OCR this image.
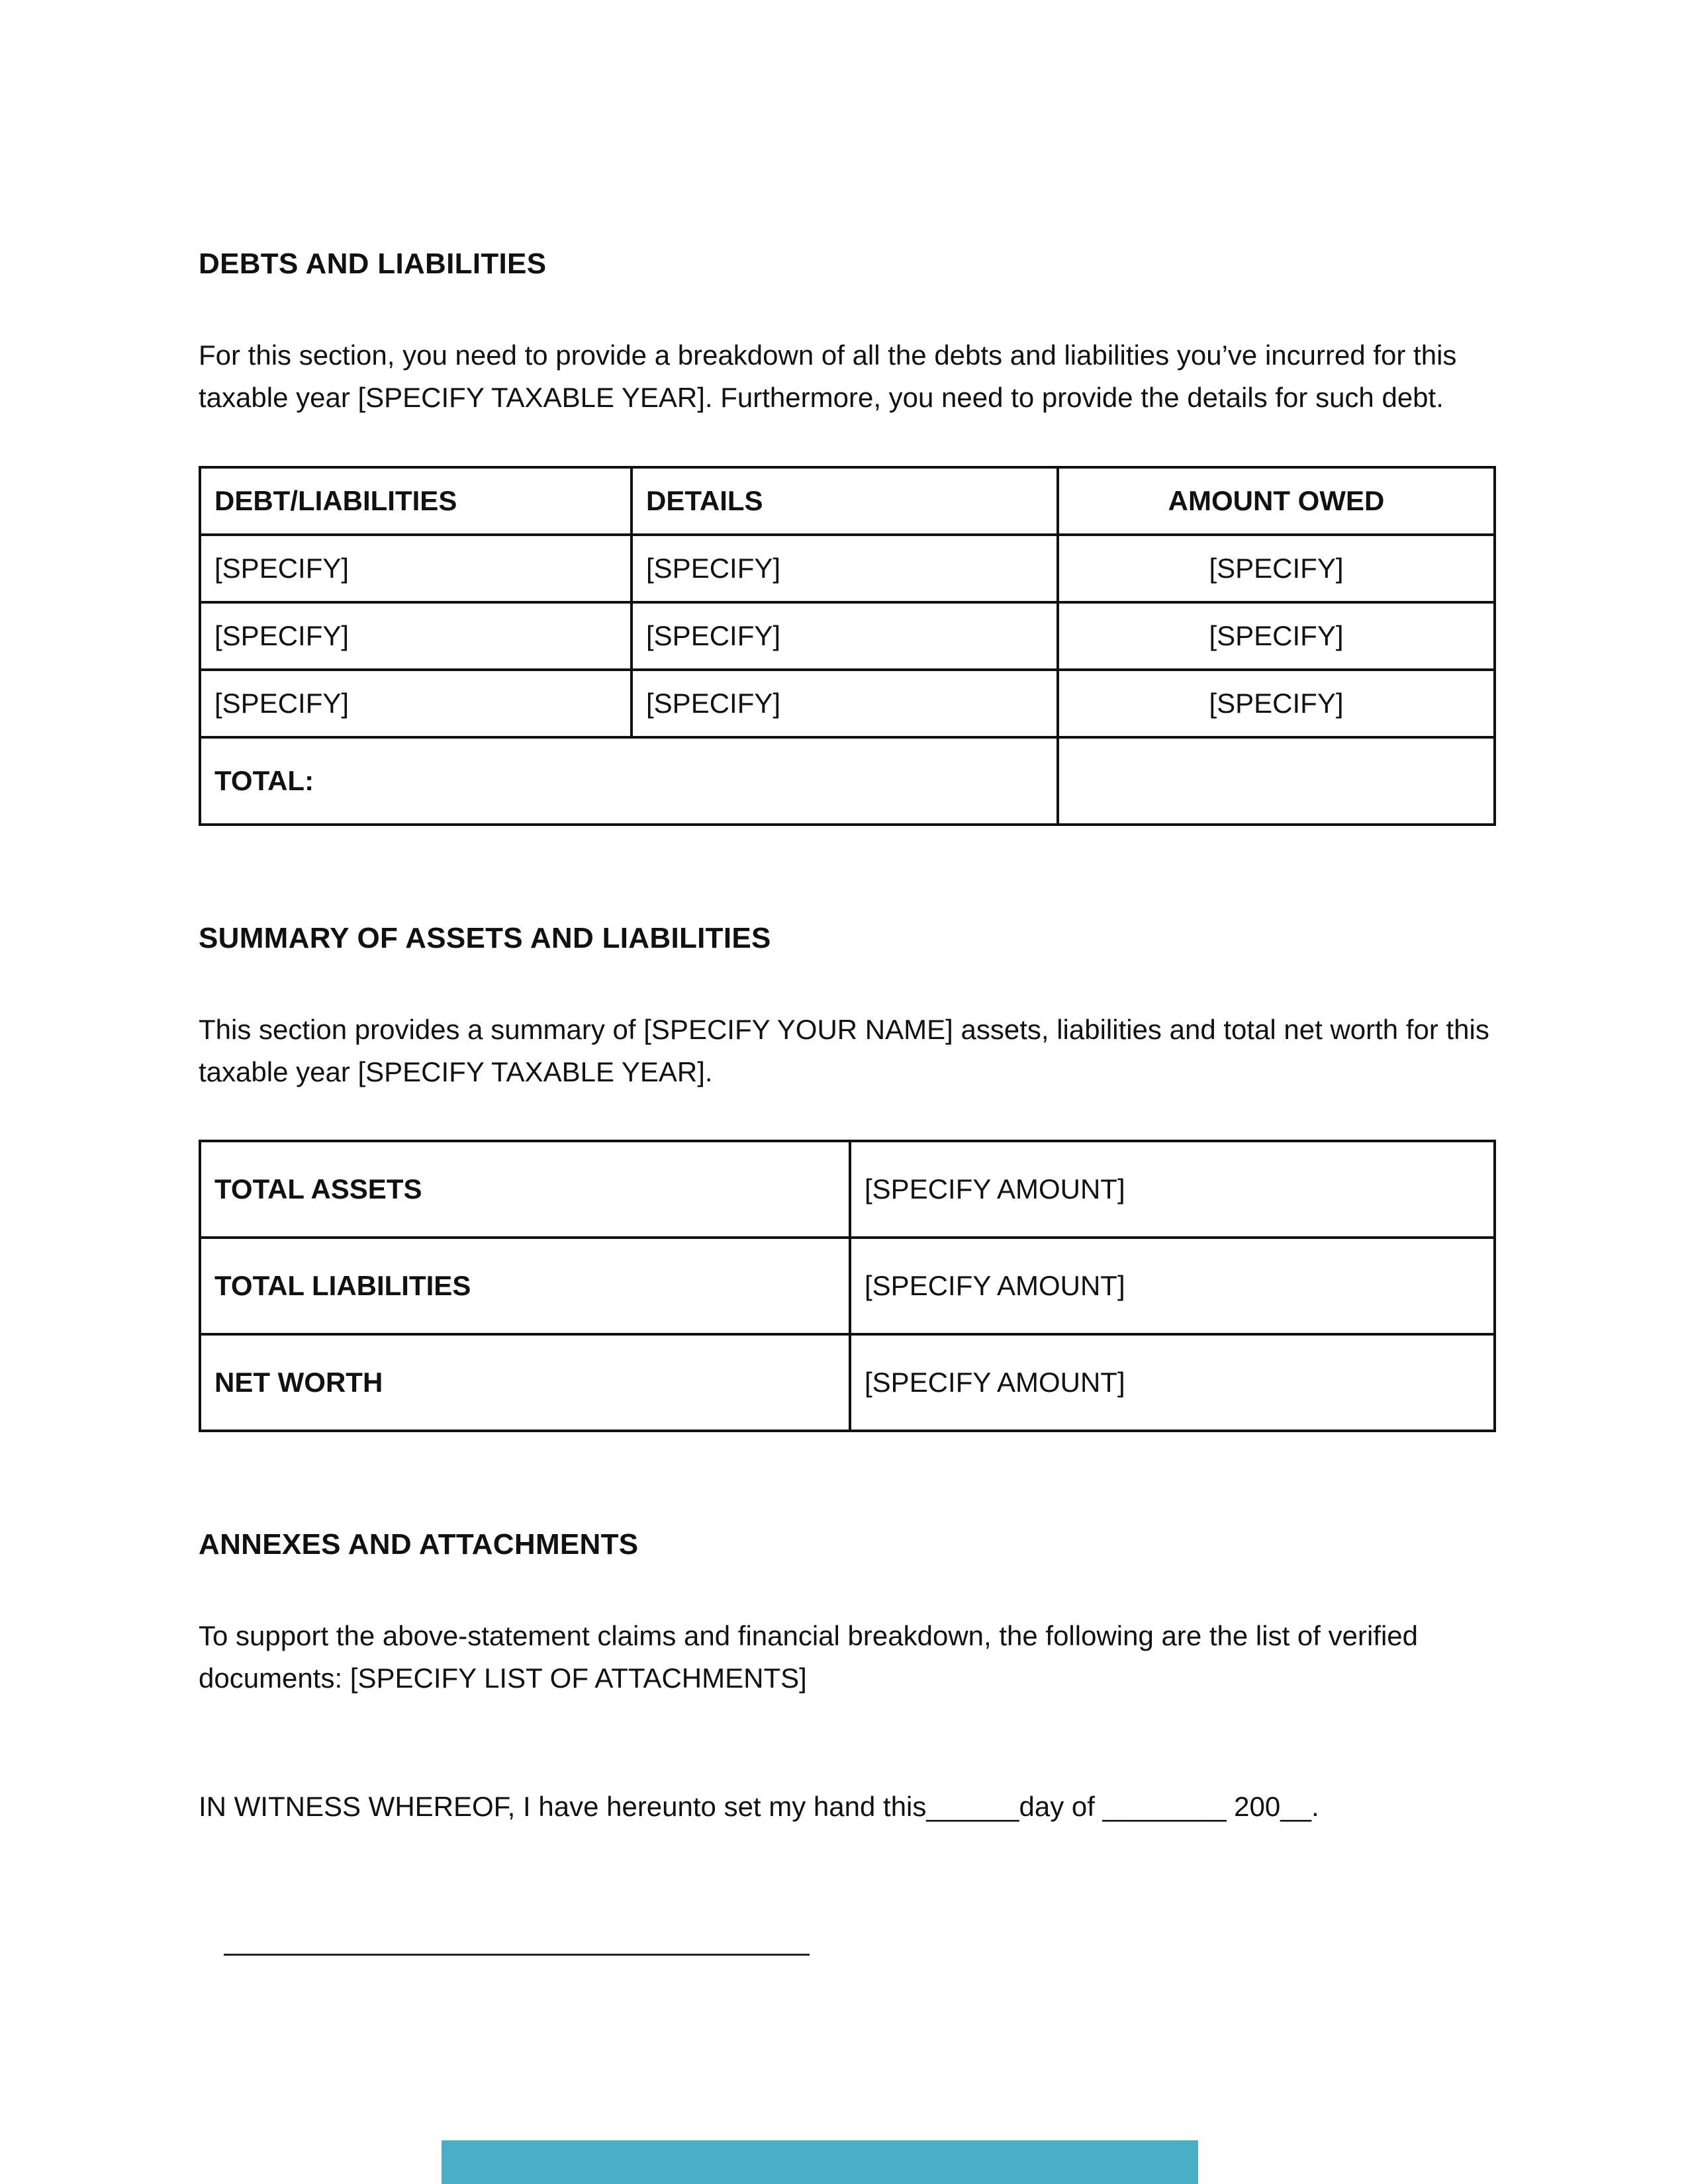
DEBTS AND LIABILITIES
For this section, you need to provide a breakdown of all the debts and liabilities you’ve incurred for this taxable year [SPECIFY TAXABLE YEAR]. Furthermore, you need to provide the details for such debt.
DEBT/LIABILITIES	DETAILS	AMOUNT OWED
[SPECIFY]	[SPECIFY]	[SPECIFY]
[SPECIFY]	[SPECIFY]	[SPECIFY]
[SPECIFY]	[SPECIFY]	[SPECIFY]
TOTAL:		
SUMMARY OF ASSETS AND LIABILITIES
This section provides a summary of [SPECIFY YOUR NAME] assets, liabilities and total net worth for this taxable year [SPECIFY TAXABLE YEAR].
TOTAL ASSETS	[SPECIFY AMOUNT]
TOTAL LIABILITIES	[SPECIFY AMOUNT]
NET WORTH	[SPECIFY AMOUNT]
ANNEXES AND ATTACHMENTS
To support the above-statement claims and financial breakdown, the following are the list of verified documents: [SPECIFY LIST OF ATTACHMENTS]
IN WITNESS WHEREOF, I have hereunto set my hand this______day of ________ 200__.
